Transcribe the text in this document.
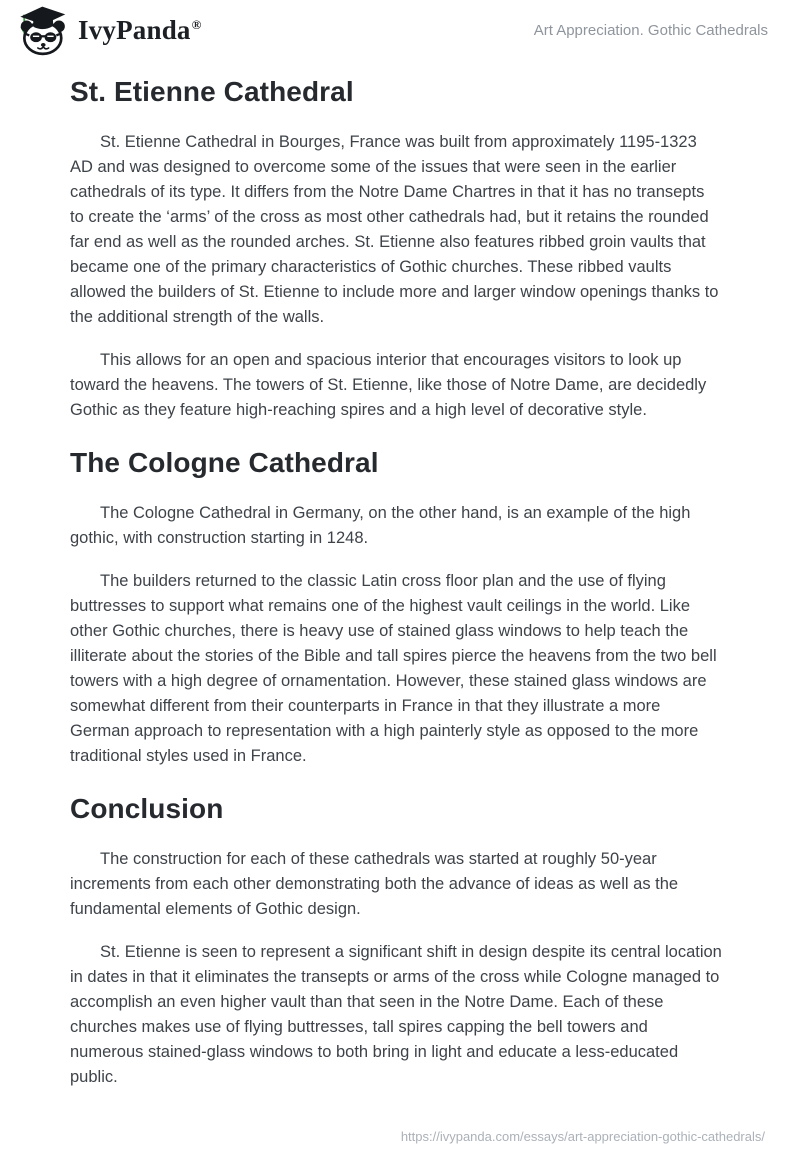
IvyPanda®	Art Appreciation. Gothic Cathedrals
St. Etienne Cathedral

St. Etienne Cathedral in Bourges, France was built from approximately 1195-1323 AD and was designed to overcome some of the issues that were seen in the earlier cathedrals of its type. It differs from the Notre Dame Chartres in that it has no transepts to create the ‘arms’ of the cross as most other cathedrals had, but it retains the rounded far end as well as the rounded arches. St. Etienne also features ribbed groin vaults that became one of the primary characteristics of Gothic churches. These ribbed vaults allowed the builders of St. Etienne to include more and larger window openings thanks to the additional strength of the walls.

This allows for an open and spacious interior that encourages visitors to look up toward the heavens. The towers of St. Etienne, like those of Notre Dame, are decidedly Gothic as they feature high-reaching spires and a high level of decorative style.

The Cologne Cathedral

The Cologne Cathedral in Germany, on the other hand, is an example of the high gothic, with construction starting in 1248.

The builders returned to the classic Latin cross floor plan and the use of flying buttresses to support what remains one of the highest vault ceilings in the world. Like other Gothic churches, there is heavy use of stained glass windows to help teach the illiterate about the stories of the Bible and tall spires pierce the heavens from the two bell towers with a high degree of ornamentation. However, these stained glass windows are somewhat different from their counterparts in France in that they illustrate a more German approach to representation with a high painterly style as opposed to the more traditional styles used in France.

Conclusion

The construction for each of these cathedrals was started at roughly 50-year increments from each other demonstrating both the advance of ideas as well as the fundamental elements of Gothic design.

St. Etienne is seen to represent a significant shift in design despite its central location in dates in that it eliminates the transepts or arms of the cross while Cologne managed to accomplish an even higher vault than that seen in the Notre Dame. Each of these churches makes use of flying buttresses, tall spires capping the bell towers and numerous stained-glass windows to both bring in light and educate a less-educated public.

https://ivypanda.com/essays/art-appreciation-gothic-cathedrals/
